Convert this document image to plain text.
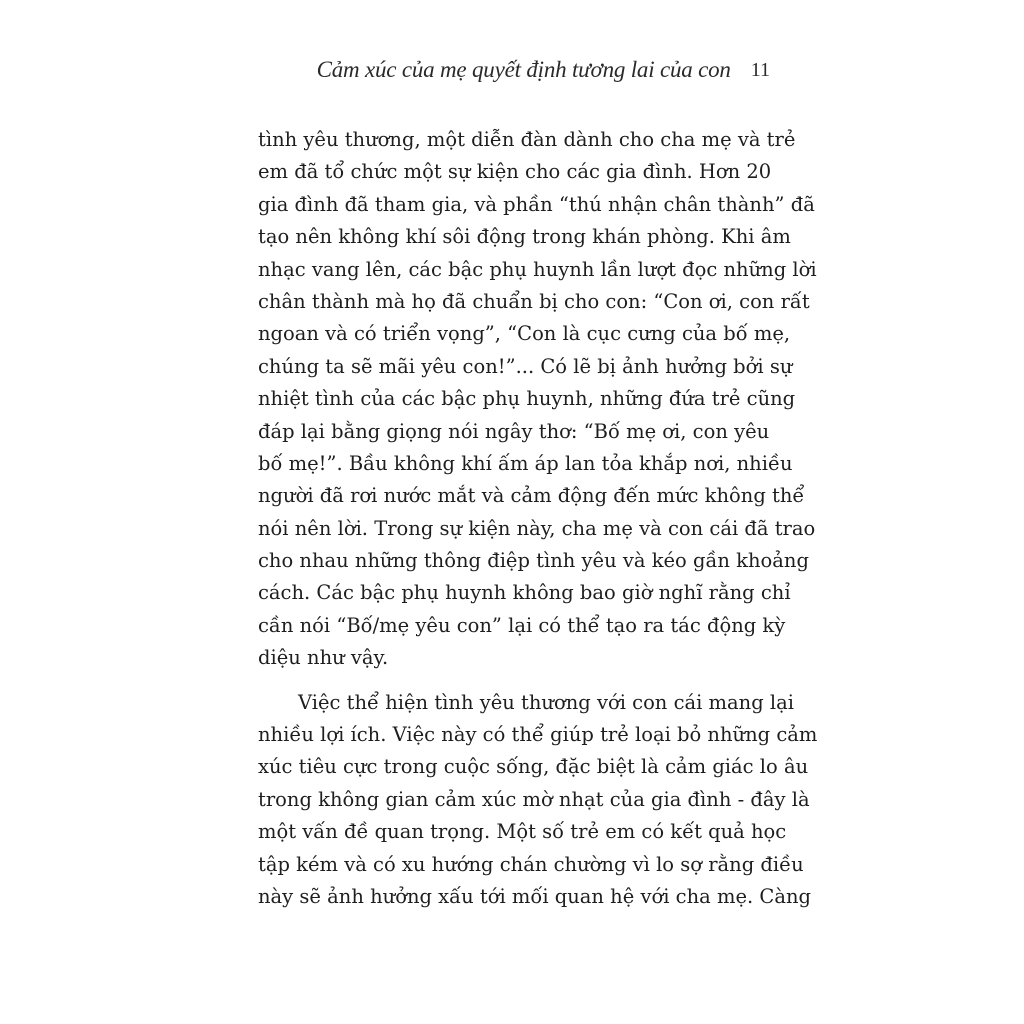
Cảm xúc của mẹ quyết định tương lai của con 11
tình yêu thương, một diễn đàn dành cho cha mẹ và trẻ
em đã tổ chức một sự kiện cho các gia đình. Hơn 20
gia đình đã tham gia, và phần “thú nhận chân thành” đã
tạo nên không khí sôi động trong khán phòng. Khi âm
nhạc vang lên, các bậc phụ huynh lần lượt đọc những lời
chân thành mà họ đã chuẩn bị cho con: “Con ơi, con rất
ngoan và có triển vọng”, “Con là cục cưng của bố mẹ,
chúng ta sẽ mãi yêu con!”... Có lẽ bị ảnh hưởng bởi sự
nhiệt tình của các bậc phụ huynh, những đứa trẻ cũng
đáp lại bằng giọng nói ngây thơ: “Bố mẹ ơi, con yêu
bố mẹ!”. Bầu không khí ấm áp lan tỏa khắp nơi, nhiều
người đã rơi nước mắt và cảm động đến mức không thể
nói nên lời. Trong sự kiện này, cha mẹ và con cái đã trao
cho nhau những thông điệp tình yêu và kéo gần khoảng
cách. Các bậc phụ huynh không bao giờ nghĩ rằng chỉ
cần nói “Bố/mẹ yêu con” lại có thể tạo ra tác động kỳ
diệu như vậy.
Việc thể hiện tình yêu thương với con cái mang lại
nhiều lợi ích. Việc này có thể giúp trẻ loại bỏ những cảm
xúc tiêu cực trong cuộc sống, đặc biệt là cảm giác lo âu
trong không gian cảm xúc mờ nhạt của gia đình - đây là
một vấn đề quan trọng. Một số trẻ em có kết quả học
tập kém và có xu hướng chán chường vì lo sợ rằng điều
này sẽ ảnh hưởng xấu tới mối quan hệ với cha mẹ. Càng
